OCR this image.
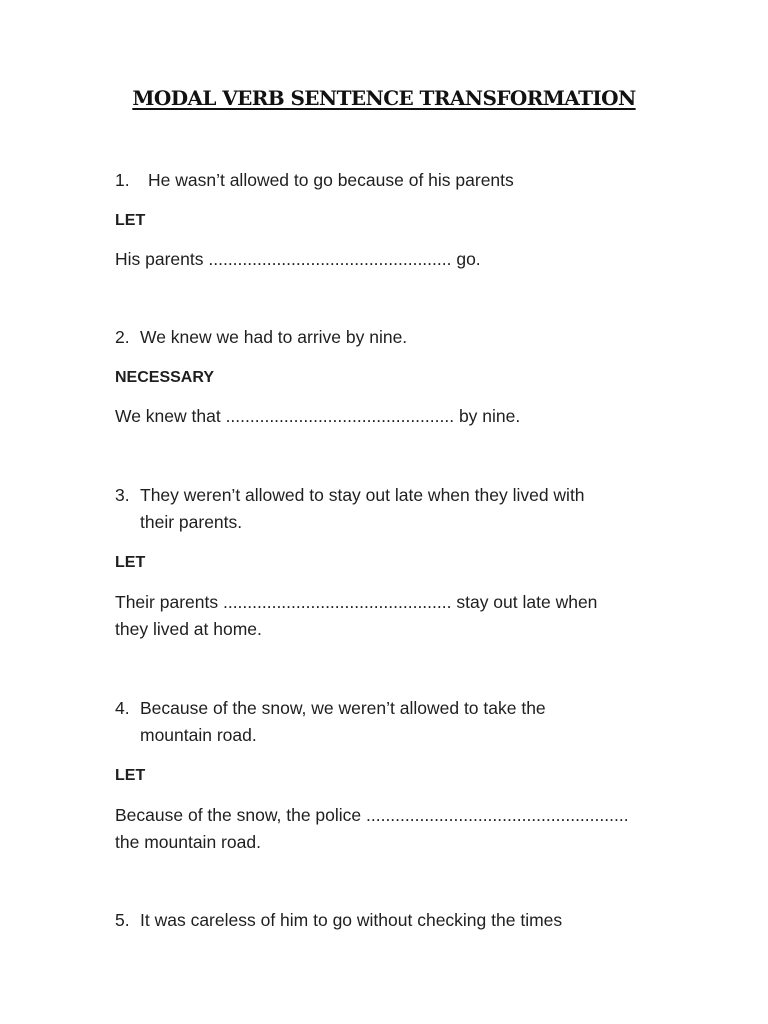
MODAL VERB SENTENCE TRANSFORMATION
1. He wasn’t allowed to go because of his parents
LET
His parents .................................................. go.
2. We knew we had to arrive by nine.
NECESSARY
We knew that ............................................... by nine.
3. They weren’t allowed to stay out late when they lived with
their parents.
LET
Their parents ............................................... stay out late when
they lived at home.
4. Because of the snow, we weren’t allowed to take the
mountain road.
LET
Because of the snow, the police ......................................................
the mountain road.
5. It was careless of him to go without checking the times
